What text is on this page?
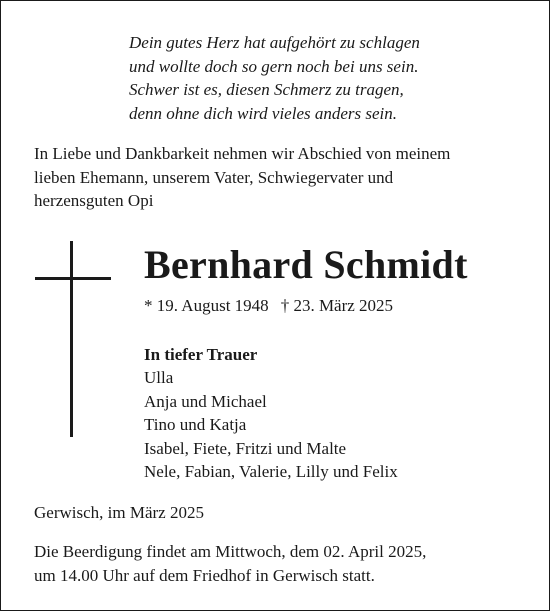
Dein gutes Herz hat aufgehört zu schlagen
und wollte doch so gern noch bei uns sein.
Schwer ist es, diesen Schmerz zu tragen,
denn ohne dich wird vieles anders sein.
In Liebe und Dankbarkeit nehmen wir Abschied von meinem
lieben Ehemann, unserem Vater, Schwiegervater und
herzensguten Opi
Bernhard Schmidt
* 19. August 1948 † 23. März 2025
In tiefer Trauer
Ulla
Anja und Michael
Tino und Katja
Isabel, Fiete, Fritzi und Malte
Nele, Fabian, Valerie, Lilly und Felix
Gerwisch, im März 2025
Die Beerdigung findet am Mittwoch, dem 02. April 2025,
um 14.00 Uhr auf dem Friedhof in Gerwisch statt.
